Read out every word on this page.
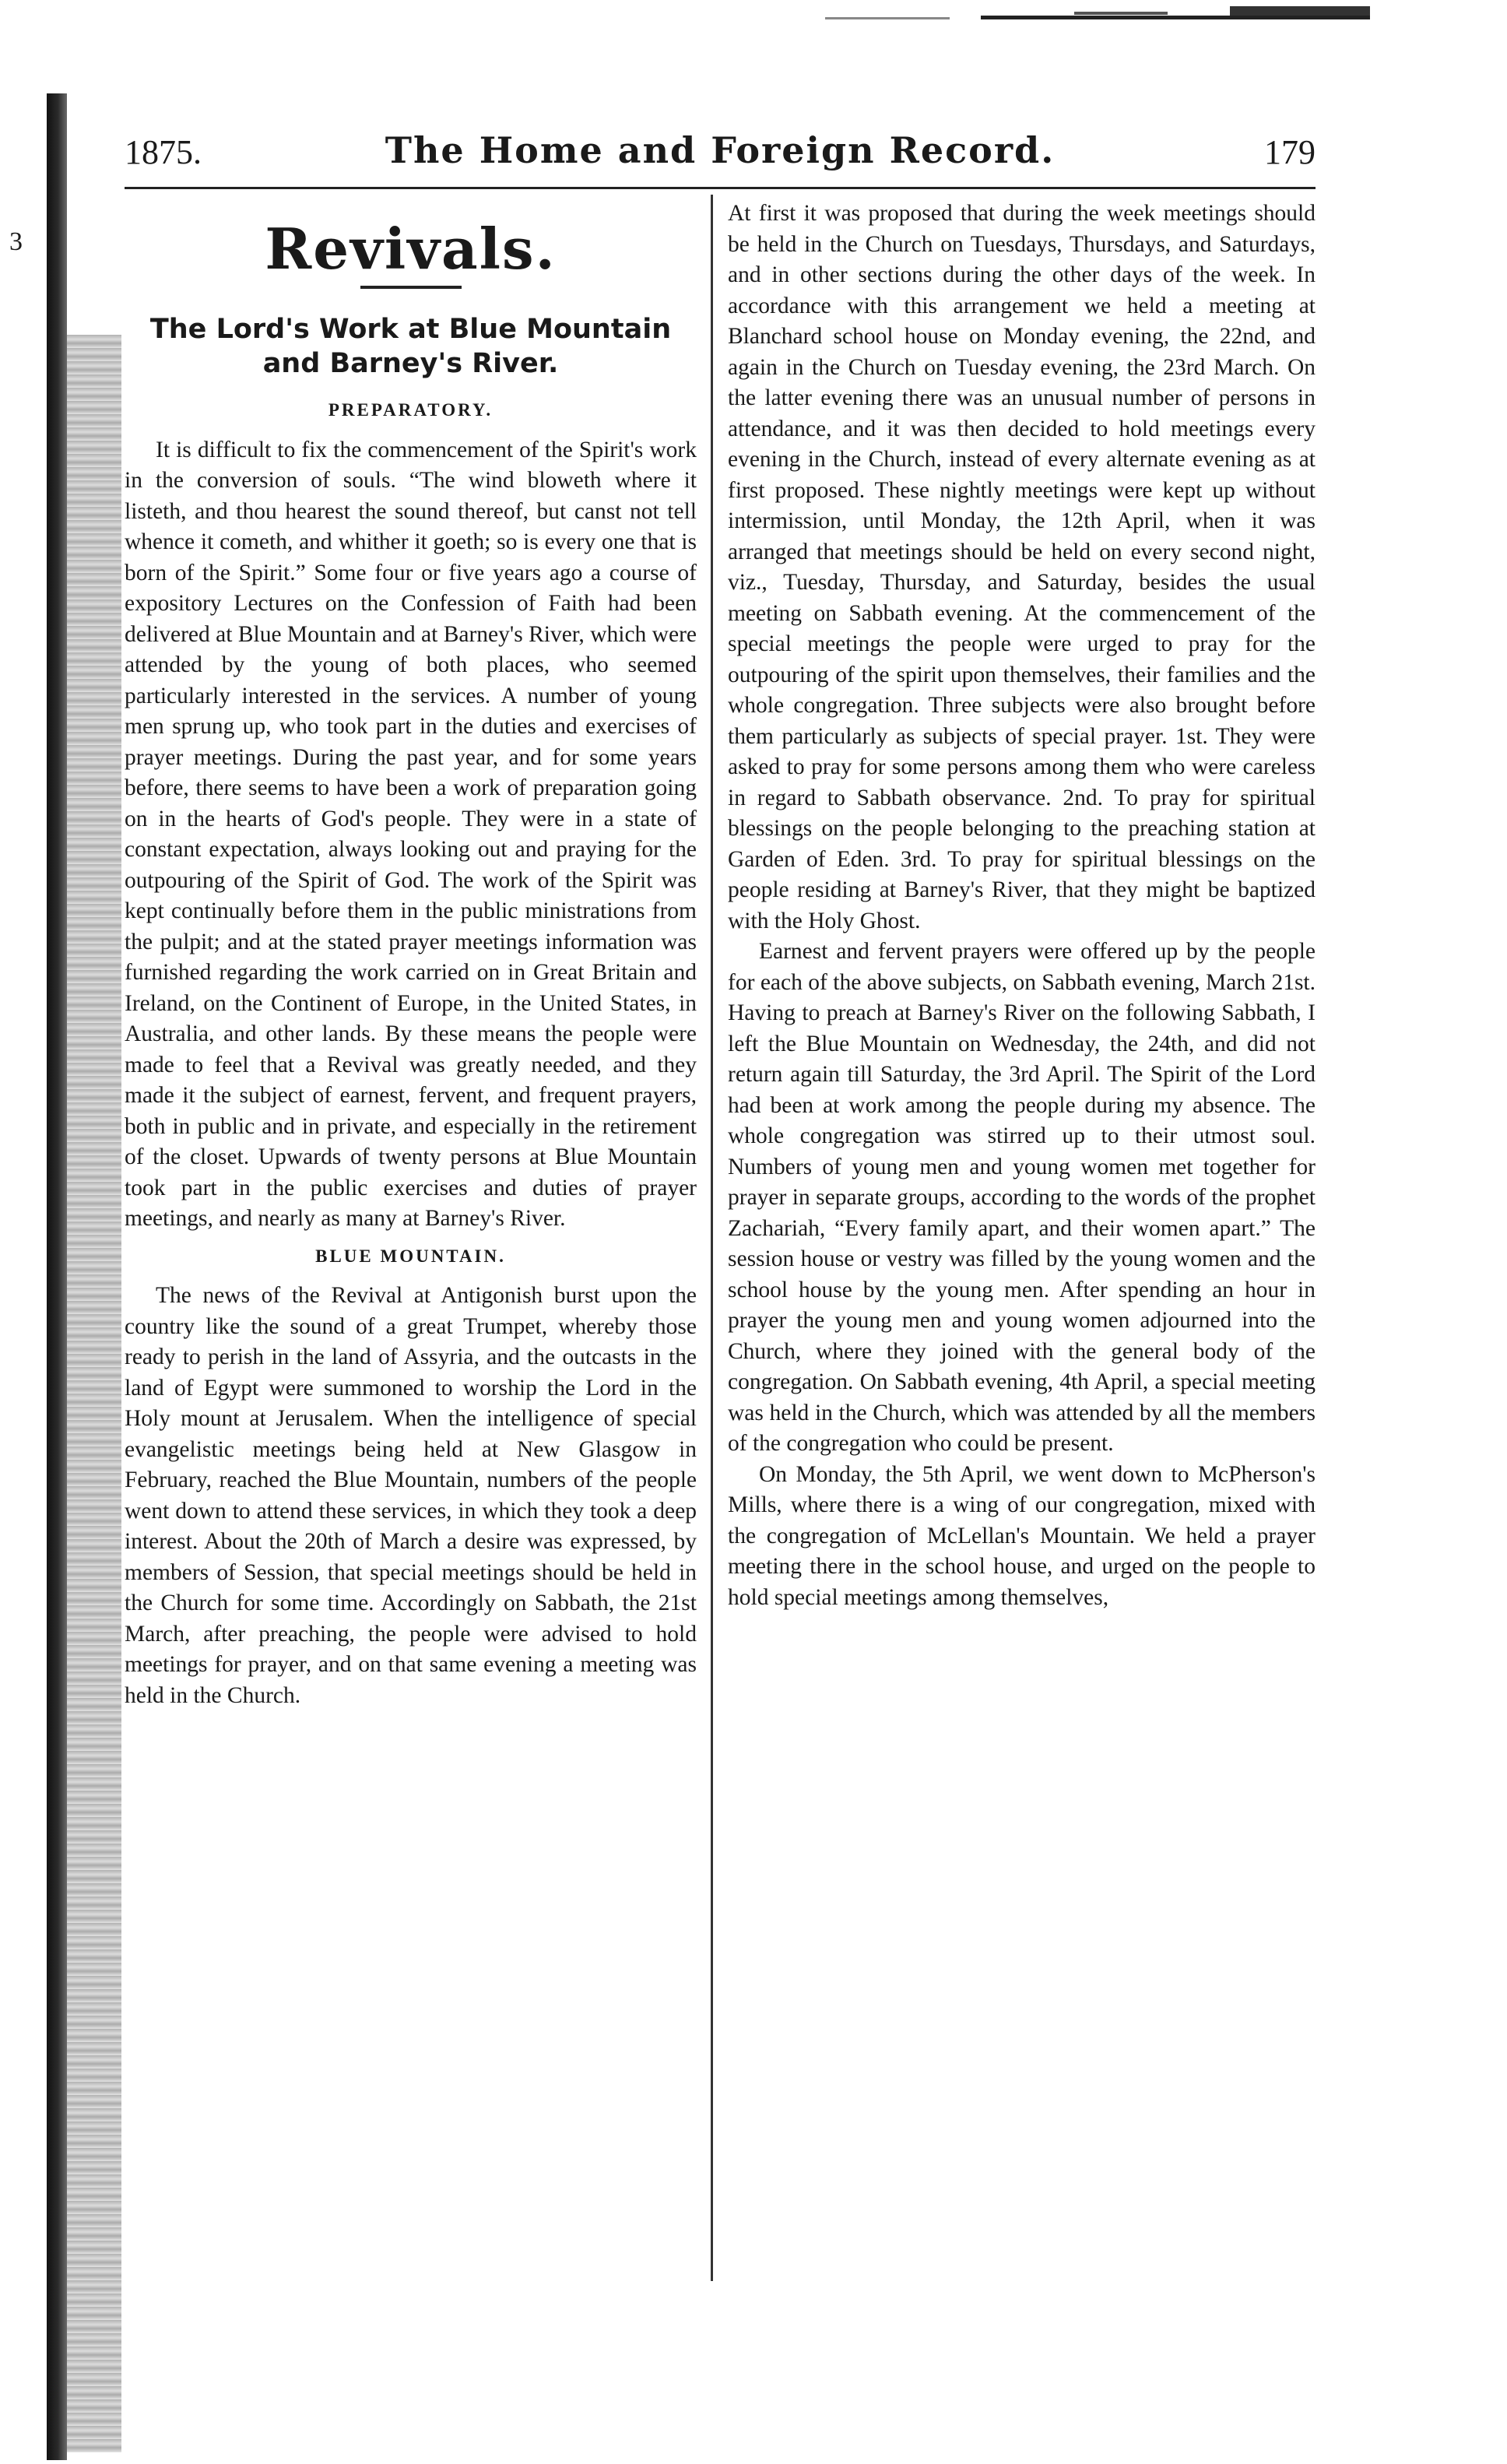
3
1875.	The Home and Foreign Record.	179
Revivals.
The Lord's Work at Blue Mountain and Barney's River.
PREPARATORY.

It is difficult to fix the commencement of the Spirit's work in the conversion of souls. “The wind bloweth where it listeth, and thou hearest the sound thereof, but canst not tell whence it cometh, and whither it goeth; so is every one that is born of the Spirit.” Some four or five years ago a course of expository Lectures on the Confession of Faith had been delivered at Blue Mountain and at Barney's River, which were attended by the young of both places, who seemed particularly interested in the services. A number of young men sprung up, who took part in the duties and exercises of prayer meetings. During the past year, and for some years before, there seems to have been a work of preparation going on in the hearts of God's people. They were in a state of constant expectation, always looking out and praying for the outpouring of the Spirit of God. The work of the Spirit was kept continually before them in the public ministrations from the pulpit; and at the stated prayer meetings information was furnished regarding the work carried on in Great Britain and Ireland, on the Continent of Europe, in the United States, in Australia, and other lands. By these means the people were made to feel that a Revival was greatly needed, and they made it the subject of earnest, fervent, and frequent prayers, both in public and in private, and especially in the retirement of the closet. Upwards of twenty persons at Blue Mountain took part in the public exercises and duties of prayer meetings, and nearly as many at Barney's River.

BLUE MOUNTAIN.

The news of the Revival at Antigonish burst upon the country like the sound of a great Trumpet, whereby those ready to perish in the land of Assyria, and the outcasts in the land of Egypt were summoned to worship the Lord in the Holy mount at Jerusalem. When the intelligence of special evangelistic meetings being held at New Glasgow in February, reached the Blue Mountain, numbers of the people went down to attend these services, in which they took a deep interest. About the 20th of March a desire was expressed, by members of Session, that special meetings should be held in the Church for some time. Accordingly on Sabbath, the 21st March, after preaching, the people were advised to hold meetings for prayer, and on that same evening a meeting was held in the Church.

At first it was proposed that during the week meetings should be held in the Church on Tuesdays, Thursdays, and Saturdays, and in other sections during the other days of the week. In accordance with this arrangement we held a meeting at Blanchard school house on Monday evening, the 22nd, and again in the Church on Tuesday evening, the 23rd March. On the latter evening there was an unusual number of persons in attendance, and it was then decided to hold meetings every evening in the Church, instead of every alternate evening as at first proposed. These nightly meetings were kept up without intermission, until Monday, the 12th April, when it was arranged that meetings should be held on every second night, viz., Tuesday, Thursday, and Saturday, besides the usual meeting on Sabbath evening. At the commencement of the special meetings the people were urged to pray for the outpouring of the spirit upon themselves, their families and the whole congregation. Three subjects were also brought before them particularly as subjects of special prayer. 1st. They were asked to pray for some persons among them who were careless in regard to Sabbath observance. 2nd. To pray for spiritual blessings on the people belonging to the preaching station at Garden of Eden. 3rd. To pray for spiritual blessings on the people residing at Barney's River, that they might be baptized with the Holy Ghost.

Earnest and fervent prayers were offered up by the people for each of the above subjects, on Sabbath evening, March 21st. Having to preach at Barney's River on the following Sabbath, I left the Blue Mountain on Wednesday, the 24th, and did not return again till Saturday, the 3rd April. The Spirit of the Lord had been at work among the people during my absence. The whole congregation was stirred up to their utmost soul. Numbers of young men and young women met together for prayer in separate groups, according to the words of the prophet Zachariah, “Every family apart, and their women apart.” The session house or vestry was filled by the young women and the school house by the young men. After spending an hour in prayer the young men and young women adjourned into the Church, where they joined with the general body of the congregation. On Sabbath evening, 4th April, a special meeting was held in the Church, which was attended by all the members of the congregation who could be present.

On Monday, the 5th April, we went down to McPherson's Mills, where there is a wing of our congregation, mixed with the congregation of McLellan's Mountain. We held a prayer meeting there in the school house, and urged on the people to hold special meetings among themselves,
